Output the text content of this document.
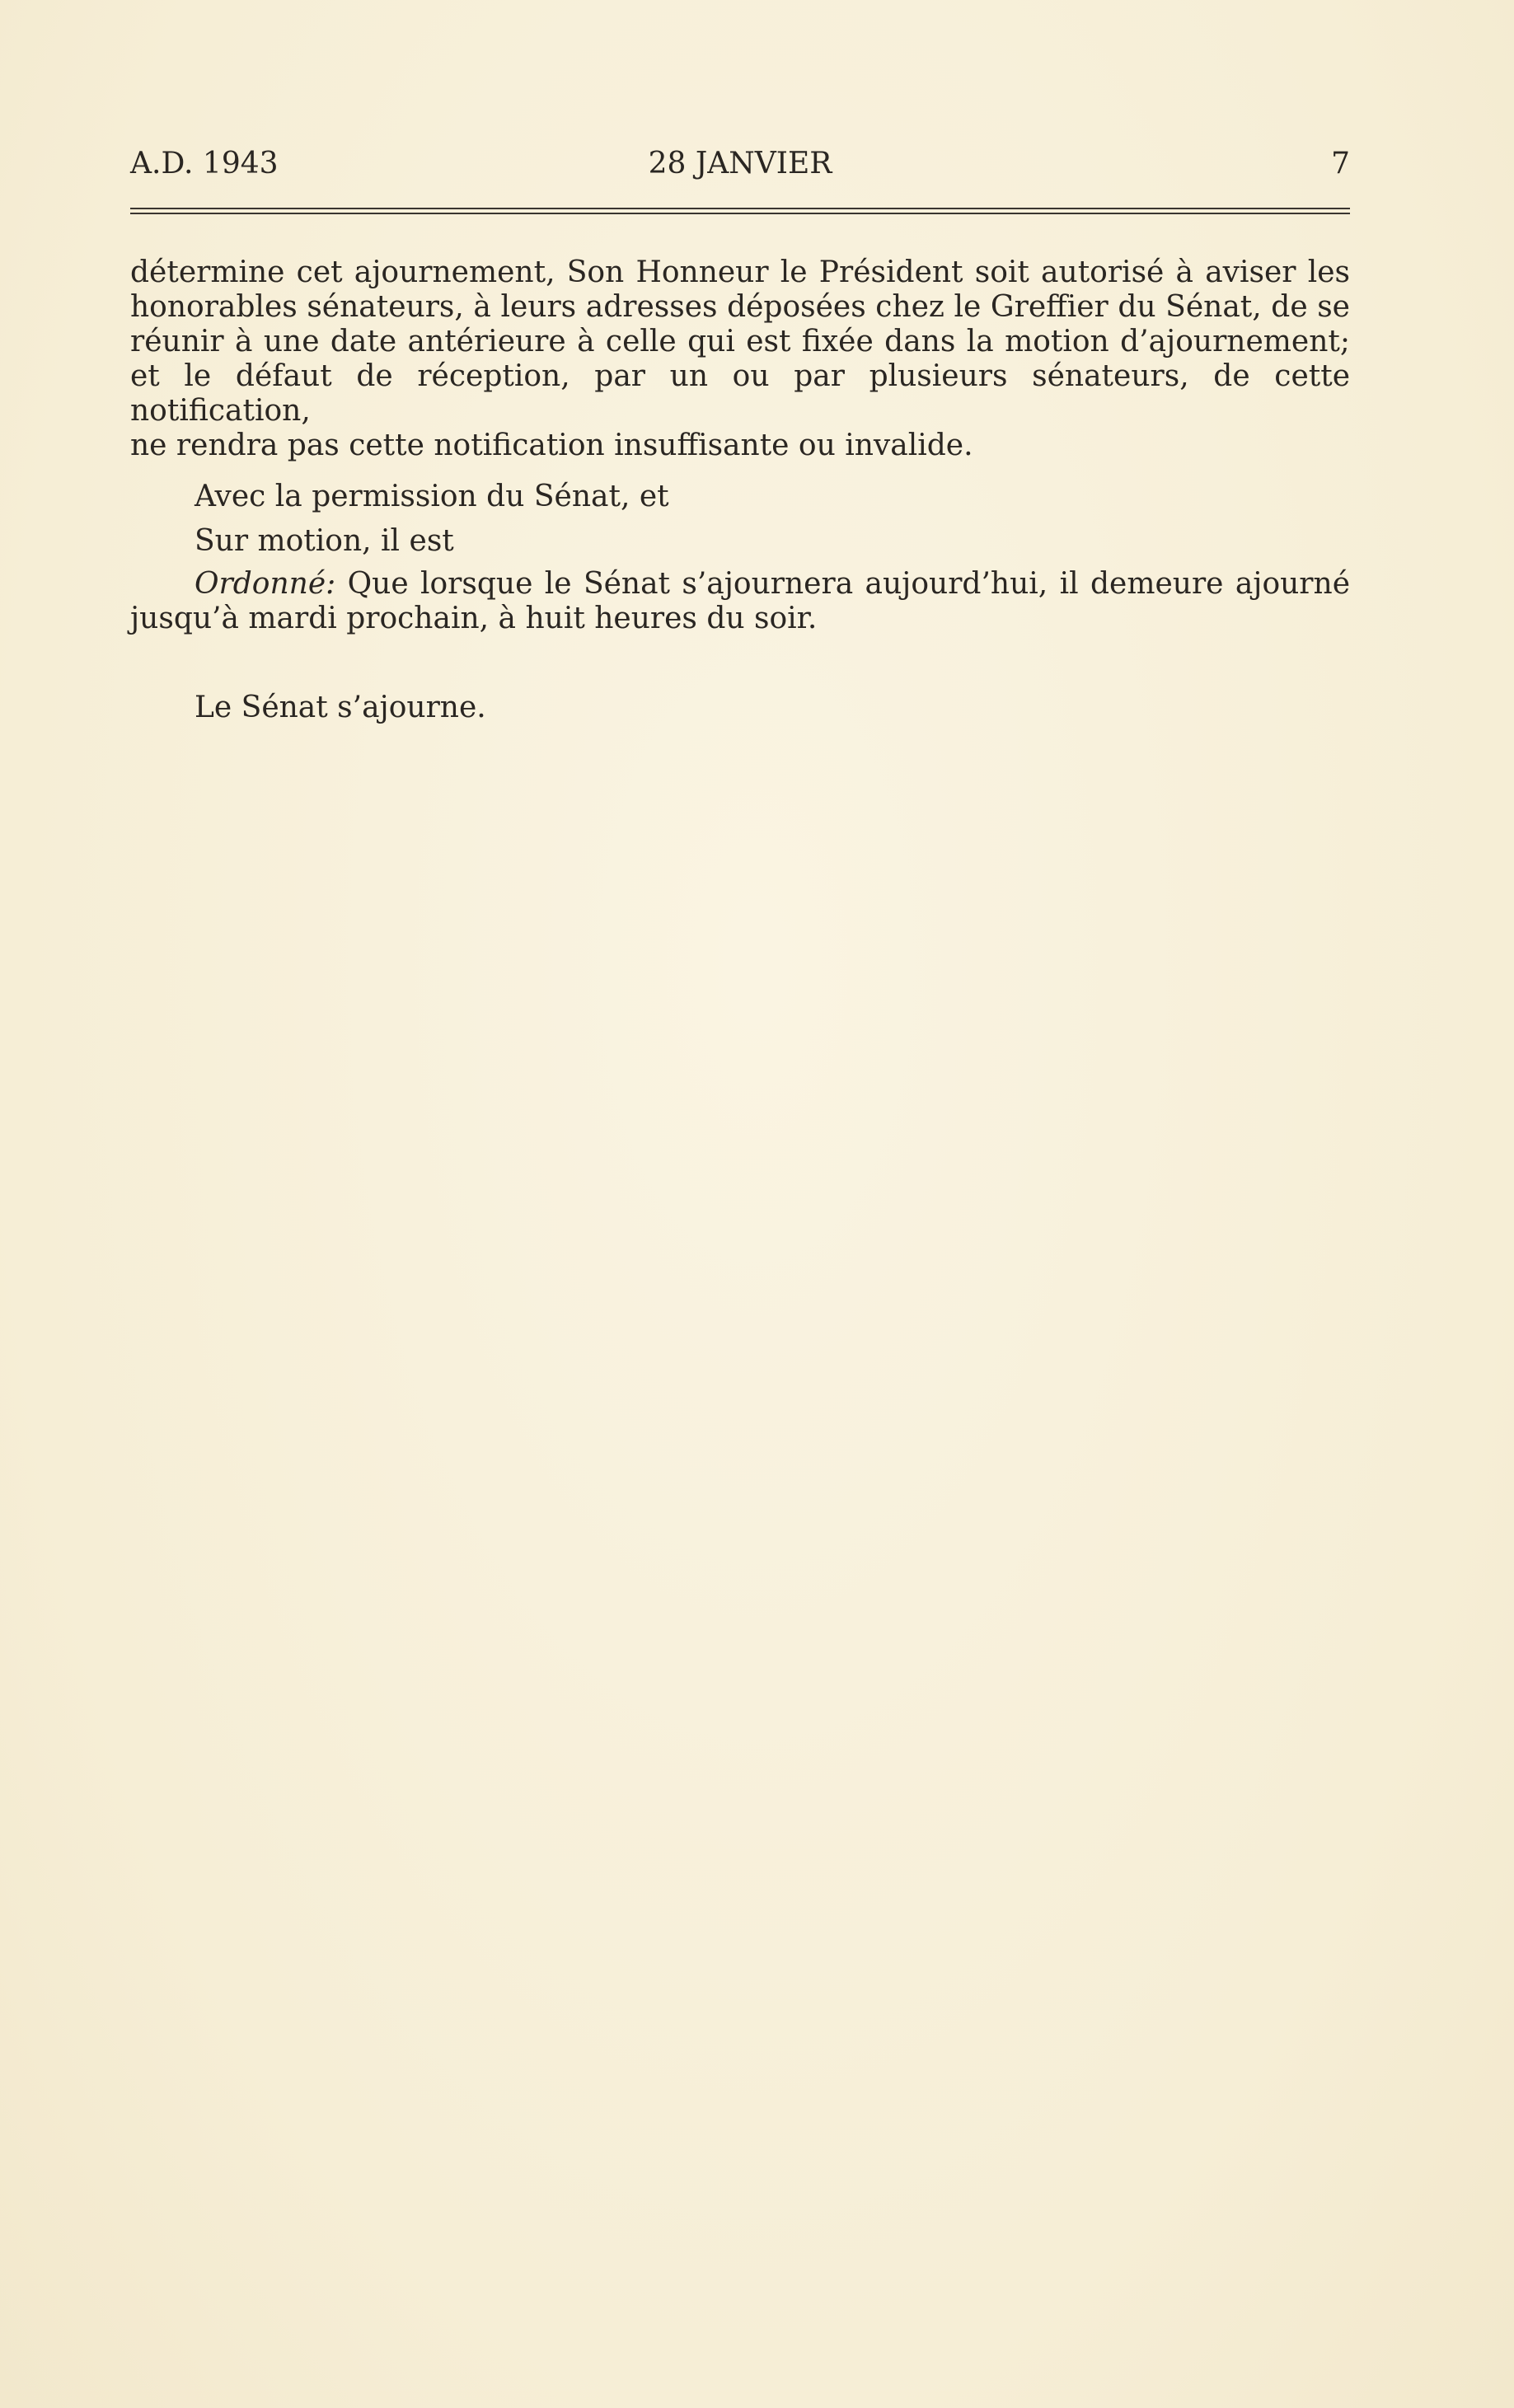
A.D. 1943	28 JANVIER	7
détermine cet ajournement, Son Honneur le Président soit autorisé à aviser les
honorables sénateurs, à leurs adresses déposées chez le Greffier du Sénat, de se
réunir à une date antérieure à celle qui est fixée dans la motion d’ajournement;
et le défaut de réception, par un ou par plusieurs sénateurs, de cette notification,
ne rendra pas cette notification insuffisante ou invalide.
Avec la permission du Sénat, et
Sur motion, il est
Ordonné: Que lorsque le Sénat s’ajournera aujourd’hui, il demeure ajourné
jusqu’à mardi prochain, à huit heures du soir.
Le Sénat s’ajourne.
